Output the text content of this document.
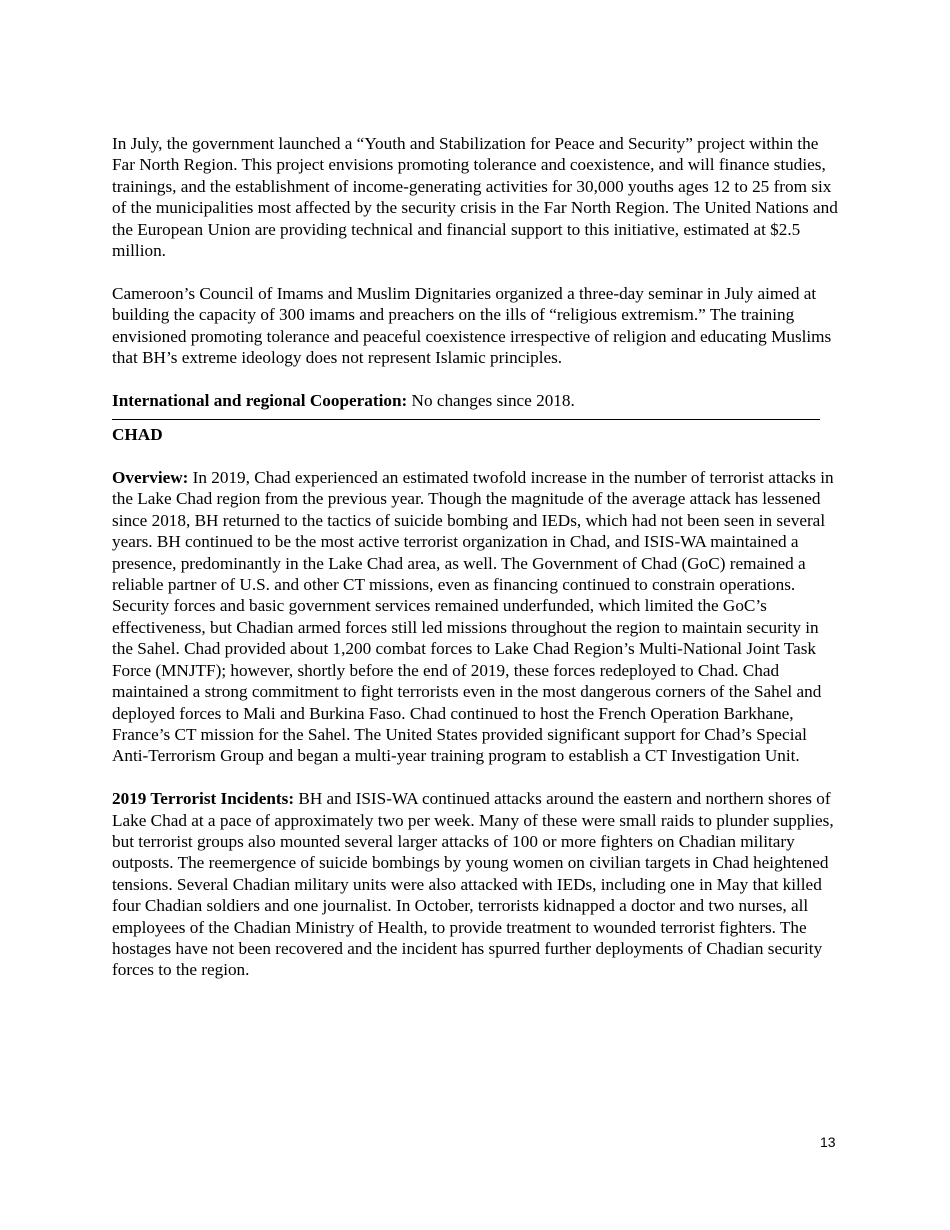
In July, the government launched a “Youth and Stabilization for Peace and Security” project within the Far North Region. This project envisions promoting tolerance and coexistence, and will finance studies, trainings, and the establishment of income-generating activities for 30,000 youths ages 12 to 25 from six of the municipalities most affected by the security crisis in the Far North Region. The United Nations and the European Union are providing technical and financial support to this initiative, estimated at $2.5 million.

Cameroon’s Council of Imams and Muslim Dignitaries organized a three-day seminar in July aimed at building the capacity of 300 imams and preachers on the ills of “religious extremism.” The training envisioned promoting tolerance and peaceful coexistence irrespective of religion and educating Muslims that BH’s extreme ideology does not represent Islamic principles.

International and regional Cooperation: No changes since 2018.

CHAD

Overview: In 2019, Chad experienced an estimated twofold increase in the number of terrorist attacks in the Lake Chad region from the previous year. Though the magnitude of the average attack has lessened since 2018, BH returned to the tactics of suicide bombing and IEDs, which had not been seen in several years. BH continued to be the most active terrorist organization in Chad, and ISIS-WA maintained a presence, predominantly in the Lake Chad area, as well. The Government of Chad (GoC) remained a reliable partner of U.S. and other CT missions, even as financing continued to constrain operations. Security forces and basic government services remained underfunded, which limited the GoC’s effectiveness, but Chadian armed forces still led missions throughout the region to maintain security in the Sahel. Chad provided about 1,200 combat forces to Lake Chad Region’s Multi-National Joint Task Force (MNJTF); however, shortly before the end of 2019, these forces redeployed to Chad. Chad maintained a strong commitment to fight terrorists even in the most dangerous corners of the Sahel and deployed forces to Mali and Burkina Faso. Chad continued to host the French Operation Barkhane, France’s CT mission for the Sahel. The United States provided significant support for Chad’s Special Anti-Terrorism Group and began a multi-year training program to establish a CT Investigation Unit.

2019 Terrorist Incidents: BH and ISIS-WA continued attacks around the eastern and northern shores of Lake Chad at a pace of approximately two per week. Many of these were small raids to plunder supplies, but terrorist groups also mounted several larger attacks of 100 or more fighters on Chadian military outposts. The reemergence of suicide bombings by young women on civilian targets in Chad heightened tensions. Several Chadian military units were also attacked with IEDs, including one in May that killed four Chadian soldiers and one journalist. In October, terrorists kidnapped a doctor and two nurses, all employees of the Chadian Ministry of Health, to provide treatment to wounded terrorist fighters. The hostages have not been recovered and the incident has spurred further deployments of Chadian security forces to the region.

13
